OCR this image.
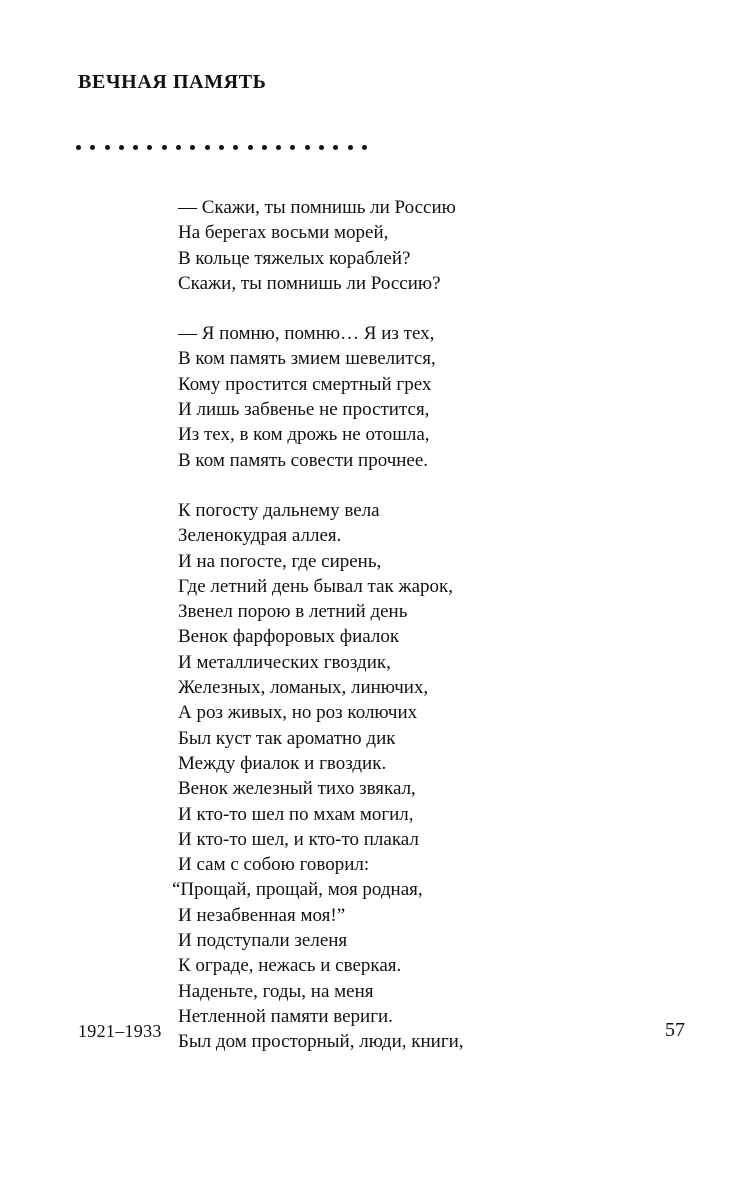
ВЕЧНАЯ ПАМЯТЬ
— Скажи, ты помнишь ли Россию
На берегах восьми морей,
В кольце тяжелых кораблей?
Скажи, ты помнишь ли Россию?
— Я помню, помню… Я из тех,
В ком память змием шевелится,
Кому простится смертный грех
И лишь забвенье не простится,
Из тех, в ком дрожь не отошла,
В ком память совести прочнее.
К погосту дальнему вела
Зеленокудрая аллея.
И на погосте, где сирень,
Где летний день бывал так жарок,
Звенел порою в летний день
Венок фарфоровых фиалок
И металлических гвоздик,
Железных, ломаных, линючих,
А роз живых, но роз колючих
Был куст так ароматно дик
Между фиалок и гвоздик.
Венок железный тихо звякал,
И кто-то шел по мхам могил,
И кто-то шел, и кто-то плакал
И сам с собою говорил:
“Прощай, прощай, моя родная,
И незабвенная моя!”
И подступали зеленя
К ограде, нежась и сверкая.
Наденьте, годы, на меня
Нетленной памяти вериги.
Был дом просторный, люди, книги,
1921–1933	57
